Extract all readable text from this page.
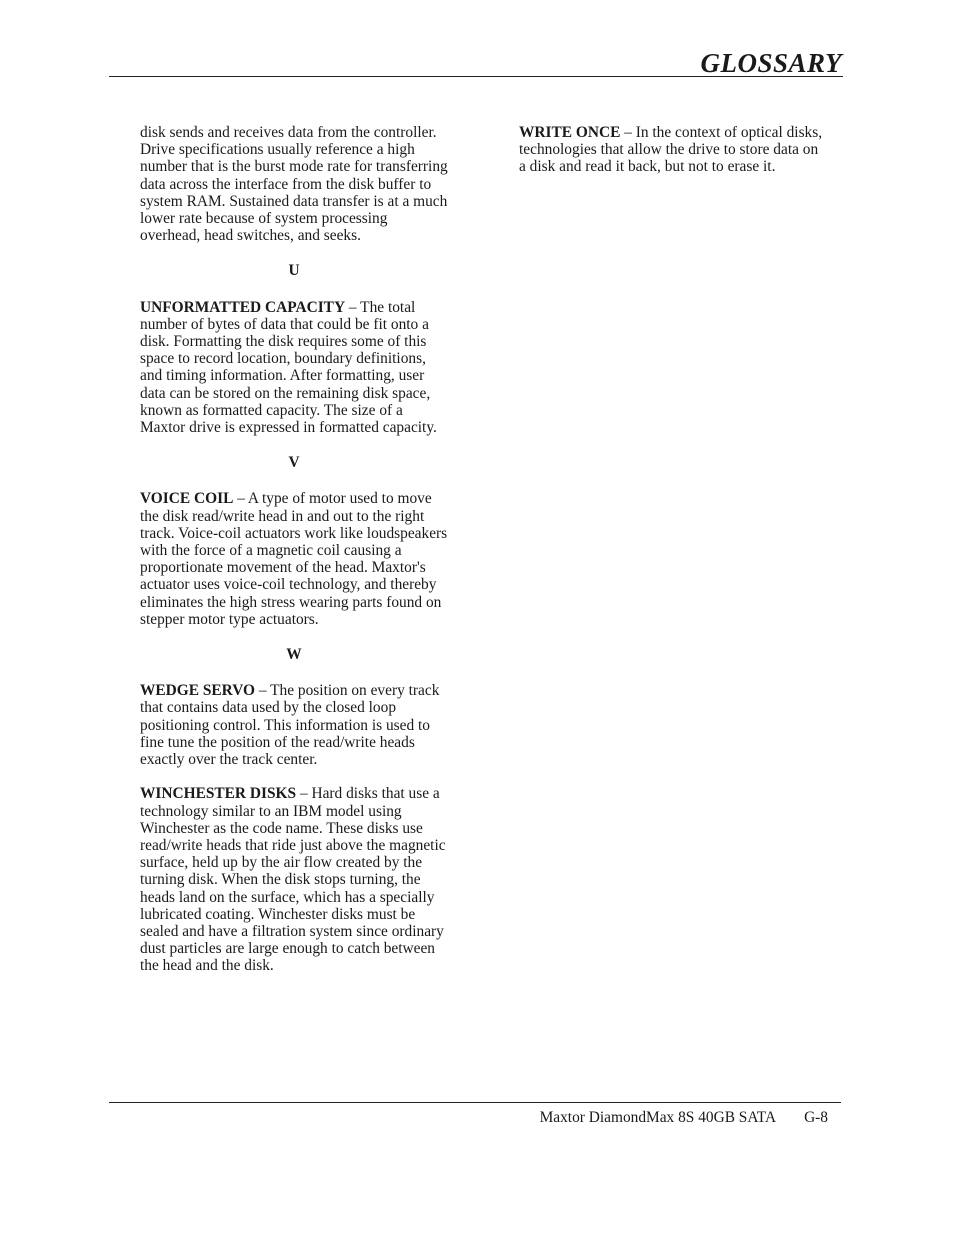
GLOSSARY

disk sends and receives data from the controller. Drive specifications usually reference a high number that is the burst mode rate for transferring data across the interface from the disk buffer to system RAM. Sustained data transfer is at a much lower rate because of system processing overhead, head switches, and seeks.

U

UNFORMATTED CAPACITY – The total number of bytes of data that could be fit onto a disk. Formatting the disk requires some of this space to record location, boundary definitions, and timing information. After formatting, user data can be stored on the remaining disk space, known as formatted capacity. The size of a Maxtor drive is expressed in formatted capacity.

V

VOICE COIL – A type of motor used to move the disk read/write head in and out to the right track. Voice-coil actuators work like loudspeakers with the force of a magnetic coil causing a proportionate movement of the head. Maxtor's actuator uses voice-coil technology, and thereby eliminates the high stress wearing parts found on stepper motor type actuators.

W

WEDGE SERVO – The position on every track that contains data used by the closed loop positioning control. This information is used to fine tune the position of the read/write heads exactly over the track center.

WINCHESTER DISKS – Hard disks that use a technology similar to an IBM model using Winchester as the code name. These disks use read/write heads that ride just above the magnetic surface, held up by the air flow created by the turning disk. When the disk stops turning, the heads land on the surface, which has a specially lubricated coating. Winchester disks must be sealed and have a filtration system since ordinary dust particles are large enough to catch between the head and the disk.

WRITE ONCE – In the context of optical disks, technologies that allow the drive to store data on a disk and read it back, but not to erase it.

Maxtor DiamondMax 8S 40GB SATA G-8
